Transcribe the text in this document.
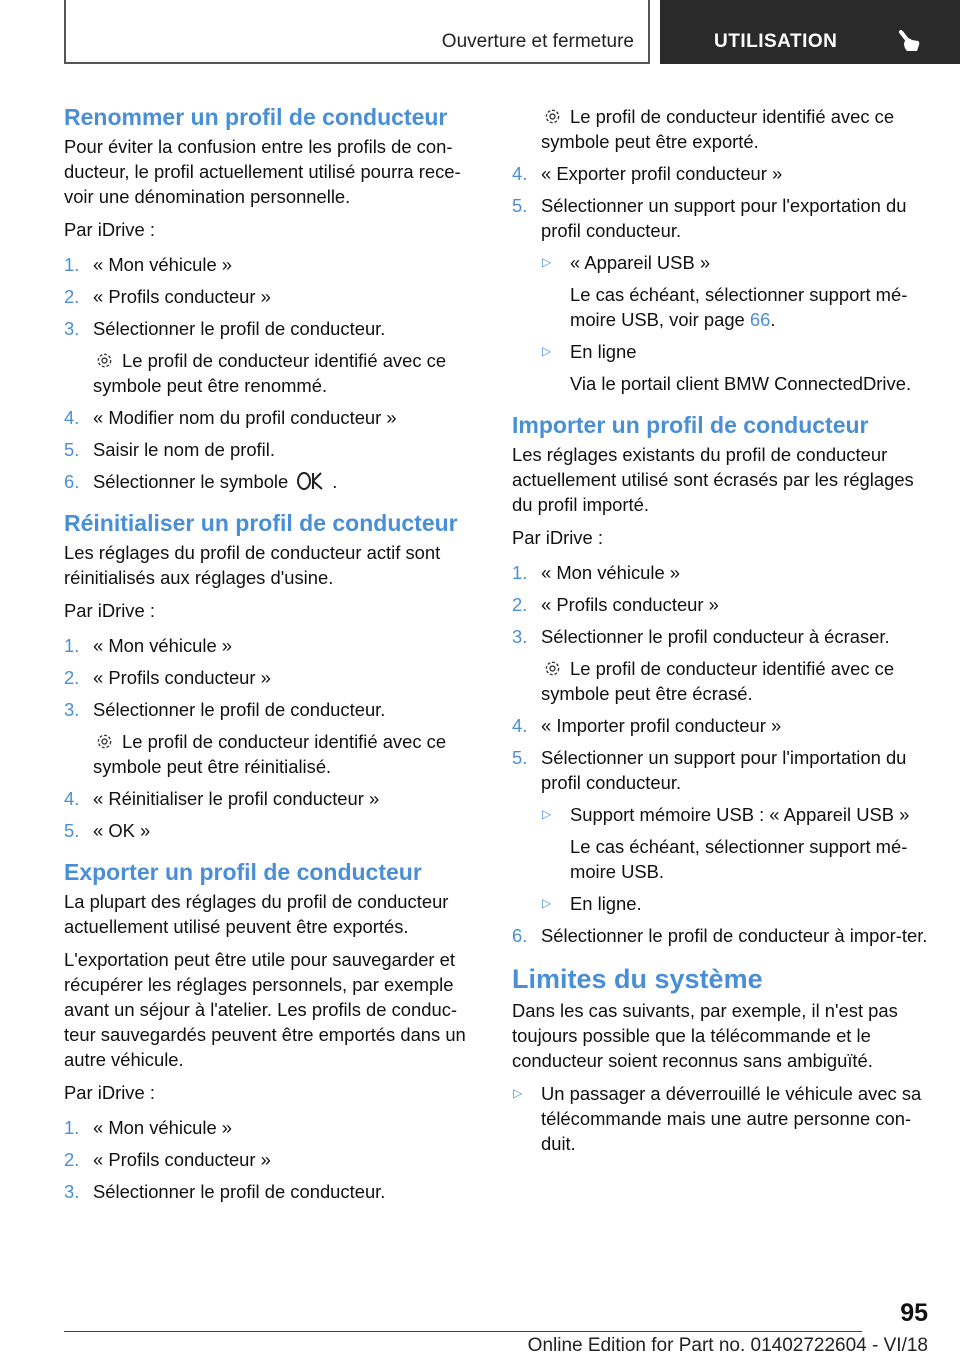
Ouverture et fermeture	UTILISATION
Renommer un profil de conducteur
Pour éviter la confusion entre les profils de con‐ducteur, le profil actuellement utilisé pourra rece‐voir une dénomination personnelle.
Par iDrive :
1. « Mon véhicule »
2. « Profils conducteur »
3. Sélectionner le profil de conducteur.
Le profil de conducteur identifié avec ce symbole peut être renommé.
4. « Modifier nom du profil conducteur »
5. Saisir le nom de profil.
6. Sélectionner le symbole .
Réinitialiser un profil de conducteur
Les réglages du profil de conducteur actif sont réinitialisés aux réglages d'usine.
Par iDrive :
1. « Mon véhicule »
2. « Profils conducteur »
3. Sélectionner le profil de conducteur.
Le profil de conducteur identifié avec ce symbole peut être réinitialisé.
4. « Réinitialiser le profil conducteur »
5. « OK »
Exporter un profil de conducteur
La plupart des réglages du profil de conducteur actuellement utilisé peuvent être exportés.
L'exportation peut être utile pour sauvegarder et récupérer les réglages personnels, par exemple avant un séjour à l'atelier. Les profils de conduc‐teur sauvegardés peuvent être emportés dans un autre véhicule.
Par iDrive :
1. « Mon véhicule »
2. « Profils conducteur »
3. Sélectionner le profil de conducteur.
Le profil de conducteur identifié avec ce symbole peut être exporté.
4. « Exporter profil conducteur »
5. Sélectionner un support pour l'exportation du profil conducteur.
▷ « Appareil USB »
Le cas échéant, sélectionner support mé‐moire USB, voir page 66.
▷ En ligne
Via le portail client BMW ConnectedDrive.
Importer un profil de conducteur
Les réglages existants du profil de conducteur actuellement utilisé sont écrasés par les réglages du profil importé.
Par iDrive :
1. « Mon véhicule »
2. « Profils conducteur »
3. Sélectionner le profil conducteur à écraser.
Le profil de conducteur identifié avec ce symbole peut être écrasé.
4. « Importer profil conducteur »
5. Sélectionner un support pour l'importation du profil conducteur.
▷ Support mémoire USB : « Appareil USB »
Le cas échéant, sélectionner support mé‐moire USB.
▷ En ligne.
6. Sélectionner le profil de conducteur à impor‐ter.
Limites du système
Dans les cas suivants, par exemple, il n'est pas toujours possible que la télécommande et le conducteur soient reconnus sans ambiguïté.
▷ Un passager a déverrouillé le véhicule avec sa télécommande mais une autre personne con‐duit.
95
Online Edition for Part no. 01402722604 - VI/18
